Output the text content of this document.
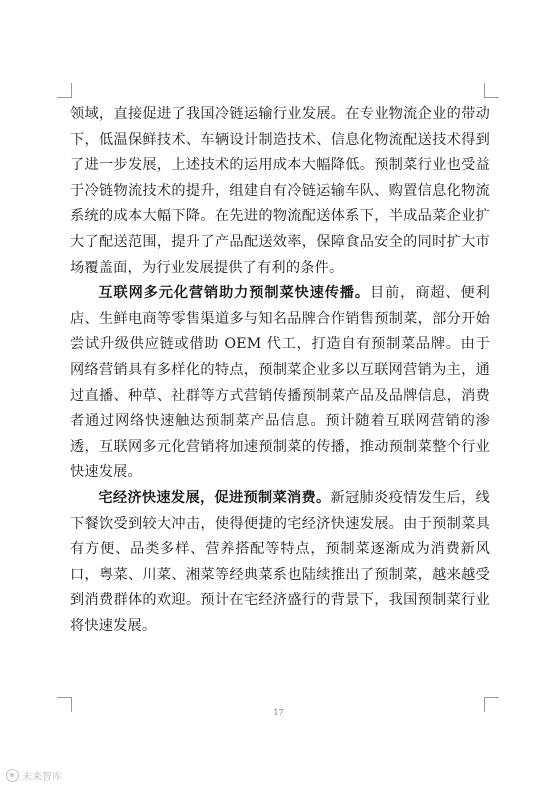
领域，直接促进了我国冷链运输行业发展。在专业物流企业的带动下，低温保鲜技术、车辆设计制造技术、信息化物流配送技术得到了进一步发展，上述技术的运用成本大幅降低。预制菜行业也受益于冷链物流技术的提升，组建自有冷链运输车队、购置信息化物流系统的成本大幅下降。在先进的物流配送体系下，半成品菜企业扩大了配送范围，提升了产品配送效率，保障食品安全的同时扩大市场覆盖面，为行业发展提供了有利的条件。

互联网多元化营销助力预制菜快速传播。目前，商超、便利店、生鲜电商等零售渠道多与知名品牌合作销售预制菜，部分开始尝试升级供应链或借助 OEM 代工，打造自有预制菜品牌。由于网络营销具有多样化的特点，预制菜企业多以互联网营销为主，通过直播、种草、社群等方式营销传播预制菜产品及品牌信息，消费者通过网络快速触达预制菜产品信息。预计随着互联网营销的渗透，互联网多元化营销将加速预制菜的传播，推动预制菜整个行业快速发展。

宅经济快速发展，促进预制菜消费。新冠肺炎疫情发生后，线下餐饮受到较大冲击，使得便捷的宅经济快速发展。由于预制菜具有方便、品类多样、营养搭配等特点，预制菜逐渐成为消费新风口，粤菜、川菜、湘菜等经典菜系也陆续推出了预制菜，越来越受到消费群体的欢迎。预计在宅经济盛行的背景下，我国预制菜行业将快速发展。

17
未来智库
